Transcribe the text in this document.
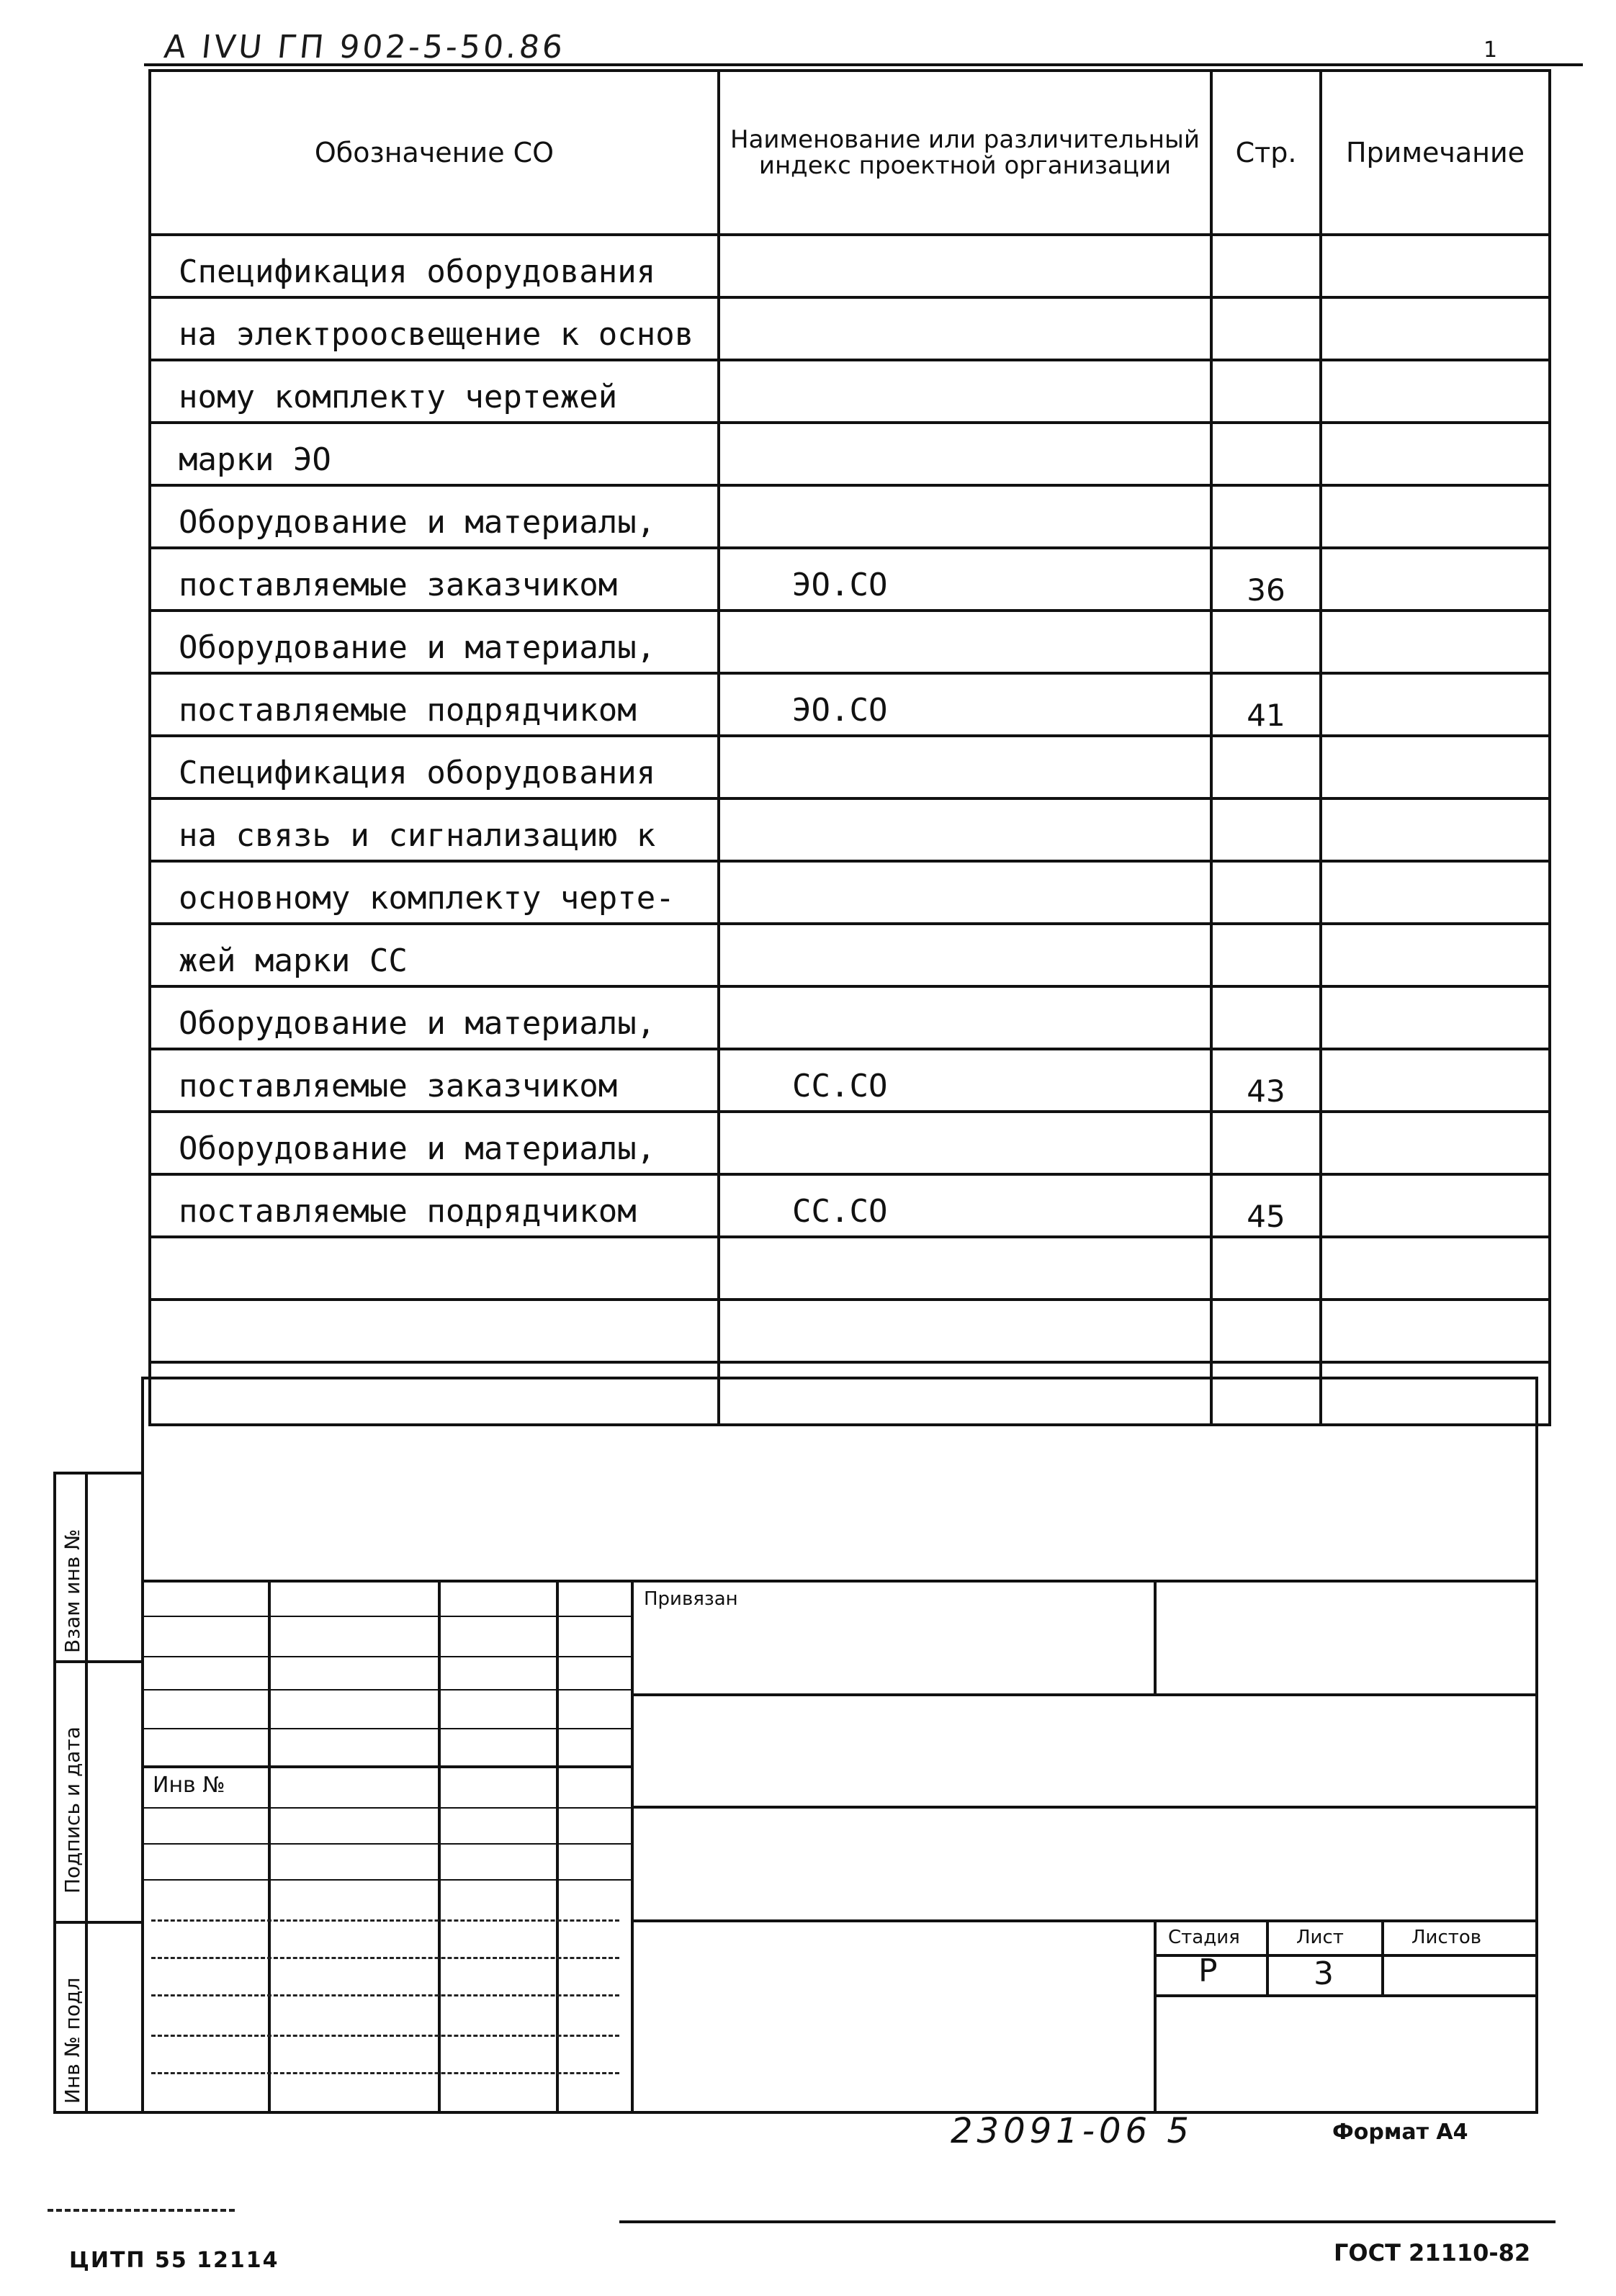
А IVU ГП 902-5-50.86	1
Обозначение СО	Наименование или различительный индекс проектной организации	Стр.	Примечание
Спецификация оборудования			
на электроосвещение к основ			
ному комплекту чертежей			
марки ЭО			
Оборудование и материалы,			
поставляемые заказчиком	ЭО.СО	36	
Оборудование и материалы,			
поставляемые подрядчиком	ЭО.СО	41	
Спецификация оборудования			
на связь и сигнализацию к			
основному комплекту черте-			
жей марки СС			
Оборудование и материалы,			
поставляемые заказчиком	СС.СО	43	
Оборудование и материалы,			
поставляемые подрядчиком	СС.СО	45	

Взам инв №
Подпись и дата
Инв № подл
Привязан
Инв №
Стадия	Лист	Листов
Р	3
23091-06 5	Формат А4
ЦИТП 55 12114	ГОСТ 21110-82
